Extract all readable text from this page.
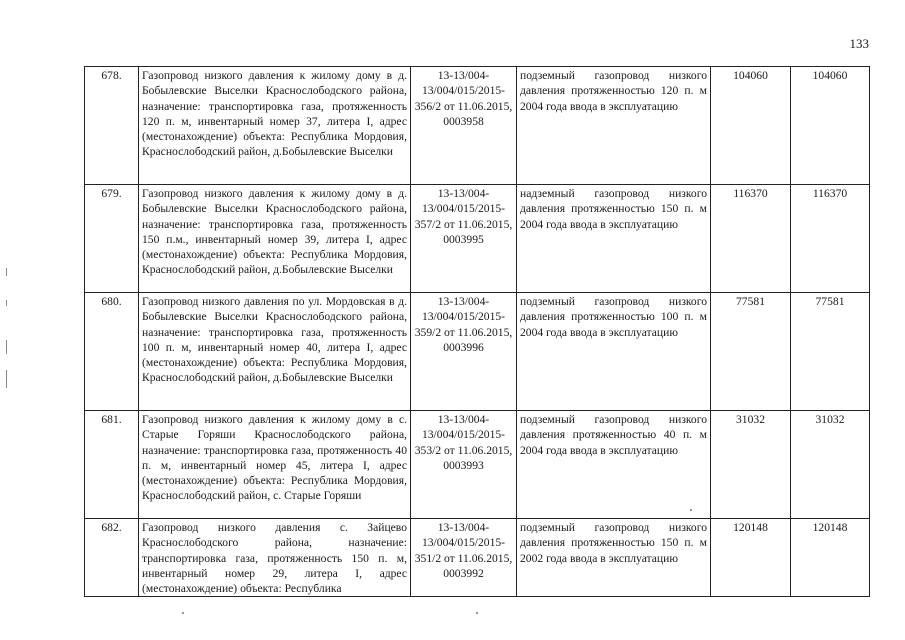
133
678.	Газопровод низкого давления к жилому дому в д. Бобылевские Выселки Краснослободского района, назначение: транспортировка газа, протяженность 120 п. м, инвентарный номер 37, литера I, адрес (местонахождение) объекта: Республика Мордовия, Краснослободский район, д.Бобылевские Выселки	13-13/004-13/004/015/2015-356/2 от 11.06.2015, 0003958	подземный газопровод низкого давления протяженностью 120 п. м 2004 года ввода в эксплуатацию	104060	104060
679.	Газопровод низкого давления к жилому дому в д. Бобылевские Выселки Краснослободского района, назначение: транспортировка газа, протяженность 150 п.м., инвентарный номер 39, литера I, адрес (местонахождение) объекта: Республика Мордовия, Краснослободский район, д.Бобылевские Выселки	13-13/004-13/004/015/2015-357/2 от 11.06.2015, 0003995	надземный газопровод низкого давления протяженностью 150 п. м 2004 года ввода в эксплуатацию	116370	116370
680.	Газопровод низкого давления по ул. Мордовская в д. Бобылевские Выселки Краснослободского района, назначение: транспортировка газа, протяженность 100 п. м, инвентарный номер 40, литера I, адрес (местонахождение) объекта: Республика Мордовия, Краснослободский район, д.Бобылевские Выселки	13-13/004-13/004/015/2015-359/2 от 11.06.2015, 0003996	подземный газопровод низкого давления протяженностью 100 п. м 2004 года ввода в эксплуатацию	77581	77581
681.	Газопровод низкого давления к жилому дому в с. Старые Горяши Краснослободского района, назначение: транспортировка газа, протяженность 40 п. м, инвентарный номер 45, литера I, адрес (местонахождение) объекта: Республика Мордовия, Краснослободский район, с. Старые Горяши	13-13/004-13/004/015/2015-353/2 от 11.06.2015, 0003993	подземный газопровод низкого давления протяженностью 40 п. м 2004 года ввода в эксплуатацию	31032	31032
682.	Газопровод низкого давления с. Зайцево Краснослободского района, назначение: транспортировка газа, протяженность 150 п. м, инвентарный номер 29, литера I, адрес (местонахождение) объекта: Республика	13-13/004-13/004/015/2015-351/2 от 11.06.2015, 0003992	подземный газопровод низкого давления протяженностью 150 п. м 2002 года ввода в эксплуатацию	120148	120148
